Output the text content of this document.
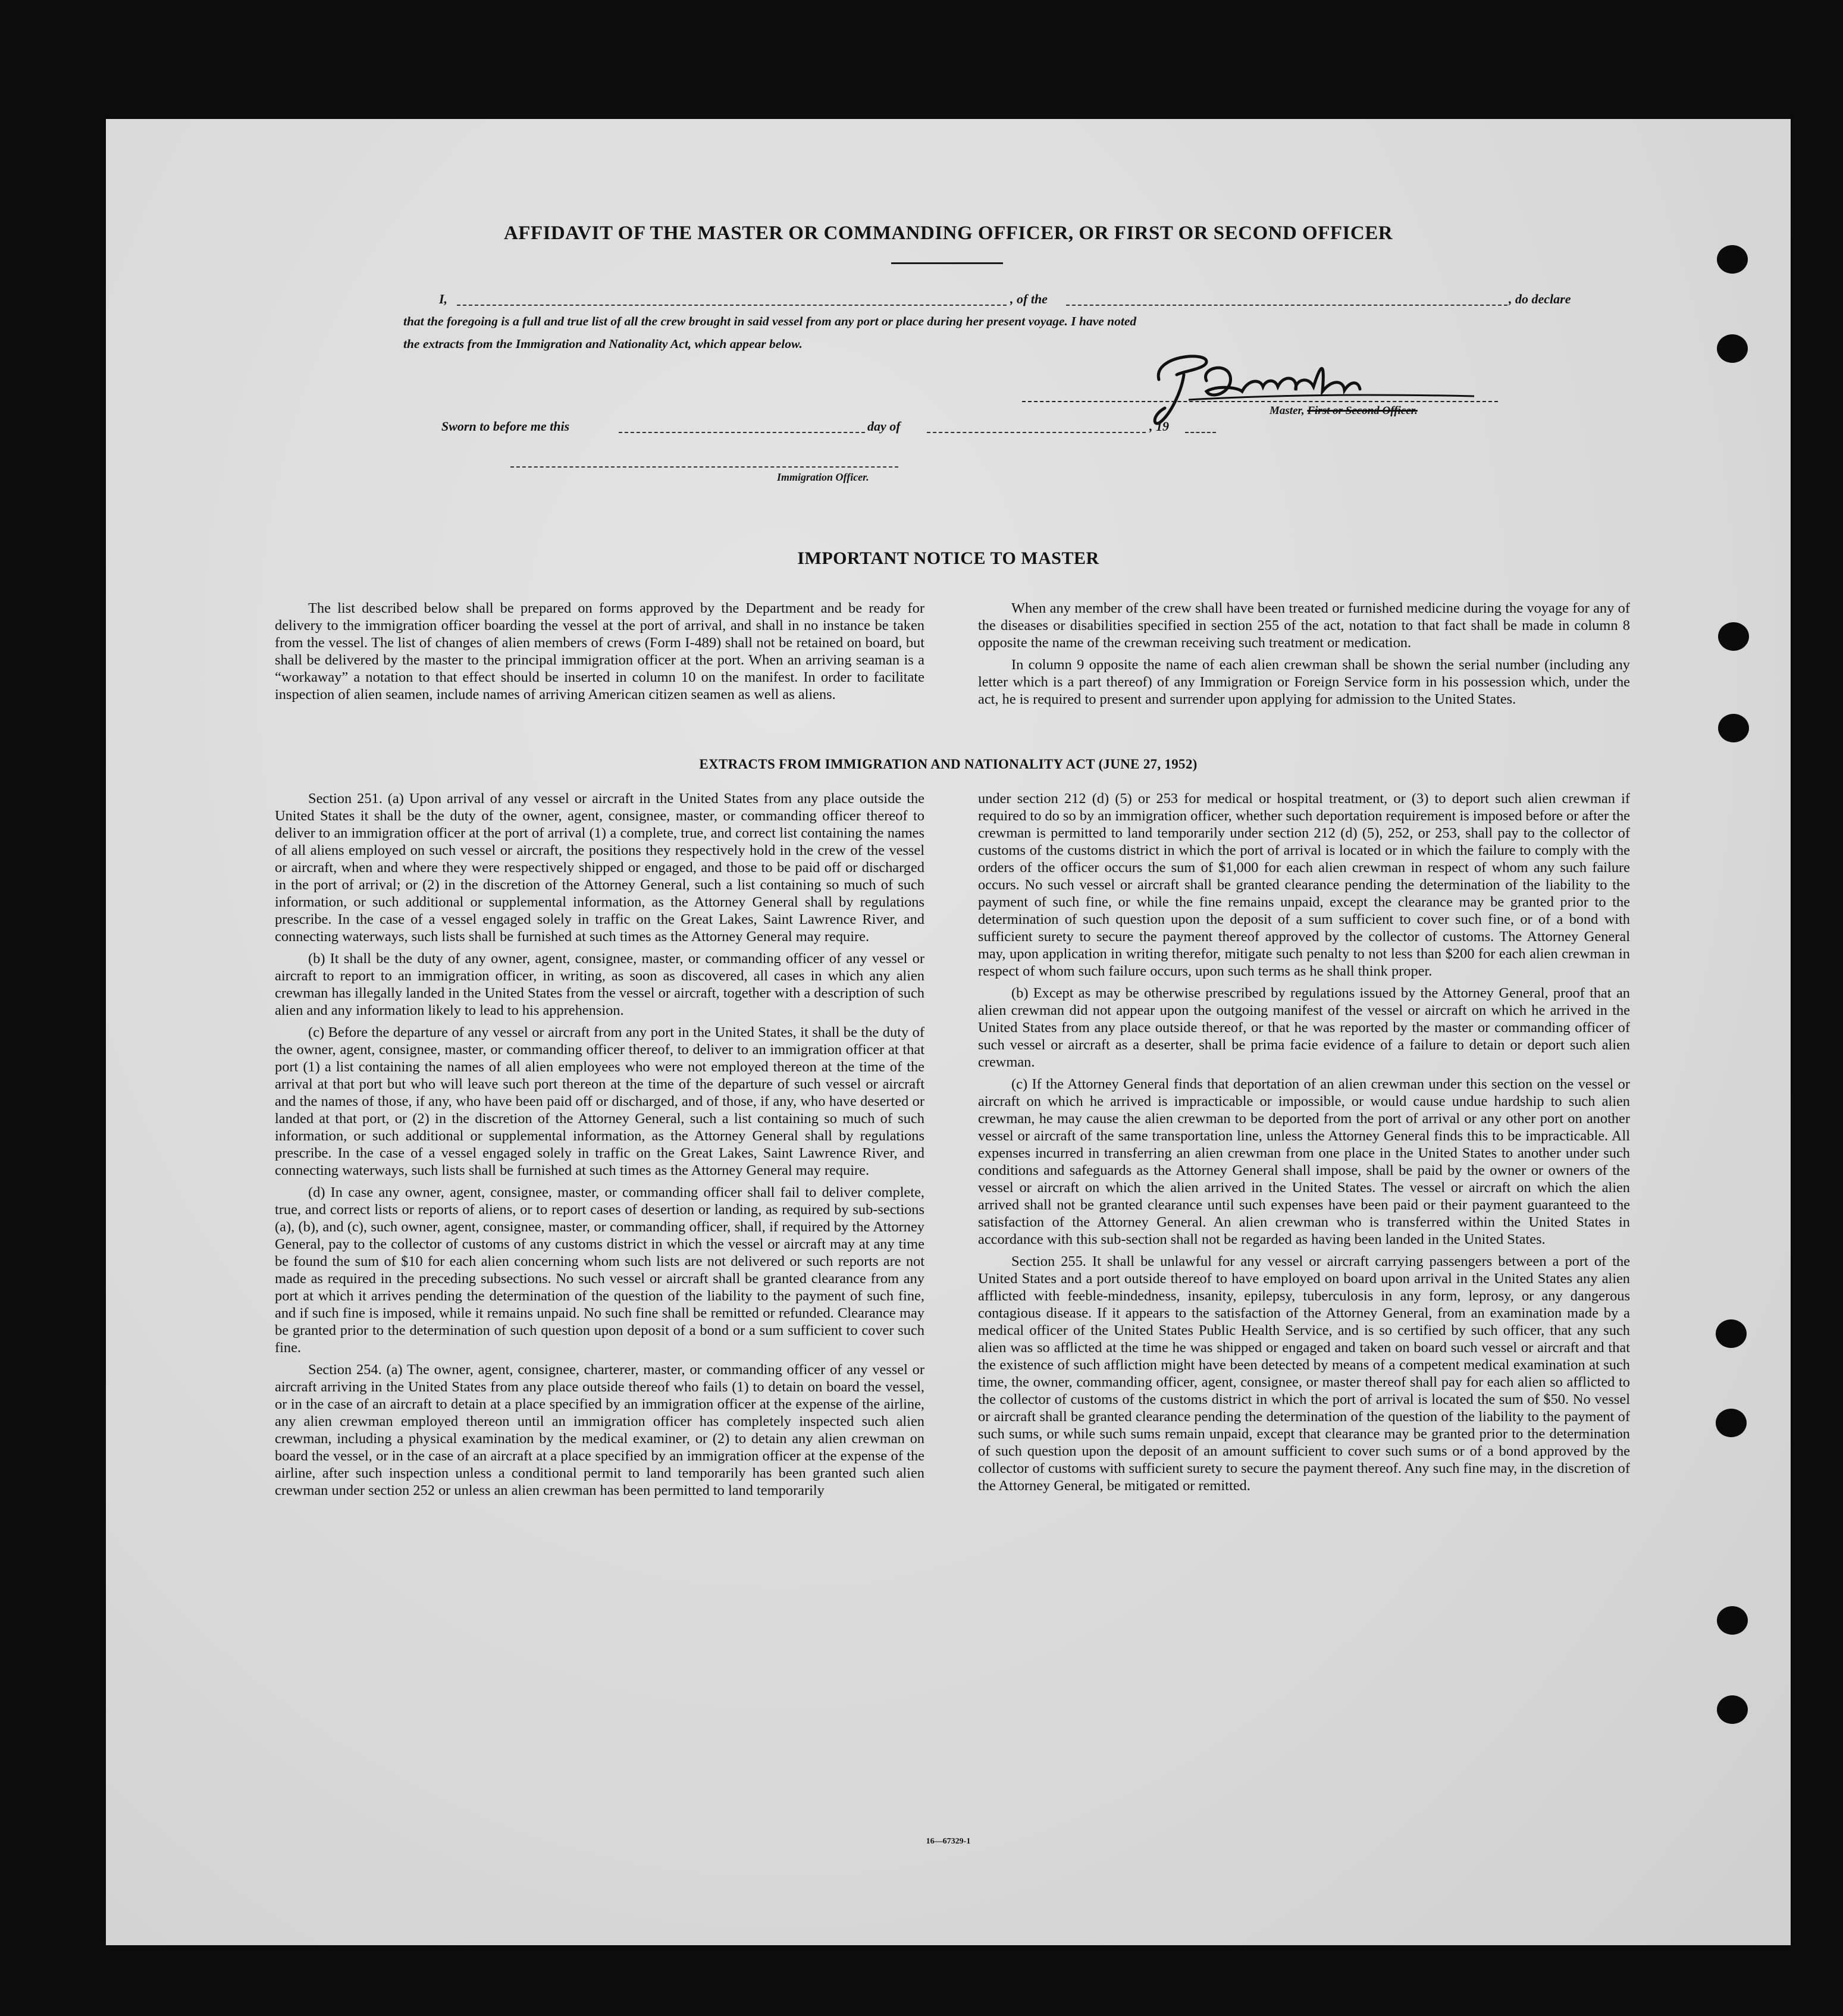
AFFIDAVIT OF THE MASTER OR COMMANDING OFFICER, OR FIRST OR SECOND OFFICER
I,	, of the	, do declare
that the foregoing is a full and true list of all the crew brought in said vessel from any port or place during her present voyage. I have noted
the extracts from the Immigration and Nationality Act, which appear below.
Master, First or Second Officer.
Sworn to before me this	day of	, 19
Immigration Officer.
IMPORTANT NOTICE TO MASTER

The list described below shall be prepared on forms approved by the Department and be ready for delivery to the immigration officer boarding the vessel at the port of arrival, and shall in no instance be taken from the vessel. The list of changes of alien members of crews (Form I-489) shall not be retained on board, but shall be delivered by the master to the principal immigration officer at the port. When an arriving seaman is a “workaway” a notation to that effect should be inserted in column 10 on the manifest. In order to facilitate inspection of alien seamen, include names of arriving American citizen seamen as well as aliens.

When any member of the crew shall have been treated or furnished medicine during the voyage for any of the diseases or disabilities specified in section 255 of the act, notation to that fact shall be made in column 8 opposite the name of the crewman receiving such treatment or medication.

In column 9 opposite the name of each alien crewman shall be shown the serial number (including any letter which is a part thereof) of any Immigration or Foreign Service form in his possession which, under the act, he is required to present and surrender upon applying for admission to the United States.

EXTRACTS FROM IMMIGRATION AND NATIONALITY ACT (JUNE 27, 1952)

Section 251. (a) Upon arrival of any vessel or aircraft in the United States from any place outside the United States it shall be the duty of the owner, agent, consignee, master, or commanding officer thereof to deliver to an immigration officer at the port of arrival (1) a complete, true, and correct list containing the names of all aliens employed on such vessel or aircraft, the positions they respectively hold in the crew of the vessel or aircraft, when and where they were respectively shipped or engaged, and those to be paid off or discharged in the port of arrival; or (2) in the discretion of the Attorney General, such a list containing so much of such information, or such additional or supplemental information, as the Attorney General shall by regulations prescribe. In the case of a vessel engaged solely in traffic on the Great Lakes, Saint Lawrence River, and connecting waterways, such lists shall be furnished at such times as the Attorney General may require.

(b) It shall be the duty of any owner, agent, consignee, master, or commanding officer of any vessel or aircraft to report to an immigration officer, in writing, as soon as discovered, all cases in which any alien crewman has illegally landed in the United States from the vessel or aircraft, together with a description of such alien and any information likely to lead to his apprehension.

(c) Before the departure of any vessel or aircraft from any port in the United States, it shall be the duty of the owner, agent, consignee, master, or commanding officer thereof, to deliver to an immigration officer at that port (1) a list containing the names of all alien employees who were not employed thereon at the time of the arrival at that port but who will leave such port thereon at the time of the departure of such vessel or aircraft and the names of those, if any, who have been paid off or discharged, and of those, if any, who have deserted or landed at that port, or (2) in the discretion of the Attorney General, such a list containing so much of such information, or such additional or supplemental information, as the Attorney General shall by regulations prescribe. In the case of a vessel engaged solely in traffic on the Great Lakes, Saint Lawrence River, and connecting waterways, such lists shall be furnished at such times as the Attorney General may require.

(d) In case any owner, agent, consignee, master, or commanding officer shall fail to deliver complete, true, and correct lists or reports of aliens, or to report cases of desertion or landing, as required by sub-sections (a), (b), and (c), such owner, agent, consignee, master, or commanding officer, shall, if required by the Attorney General, pay to the collector of customs of any customs district in which the vessel or aircraft may at any time be found the sum of $10 for each alien concerning whom such lists are not delivered or such reports are not made as required in the preceding subsections. No such vessel or aircraft shall be granted clearance from any port at which it arrives pending the determination of the question of the liability to the payment of such fine, and if such fine is imposed, while it remains unpaid. No such fine shall be remitted or refunded. Clearance may be granted prior to the determination of such question upon deposit of a bond or a sum sufficient to cover such fine.

Section 254. (a) The owner, agent, consignee, charterer, master, or commanding officer of any vessel or aircraft arriving in the United States from any place outside thereof who fails (1) to detain on board the vessel, or in the case of an aircraft to detain at a place specified by an immigration officer at the expense of the airline, any alien crewman employed thereon until an immigration officer has completely inspected such alien crewman, including a physical examination by the medical examiner, or (2) to detain any alien crewman on board the vessel, or in the case of an aircraft at a place specified by an immigration officer at the expense of the airline, after such inspection unless a conditional permit to land temporarily has been granted such alien crewman under section 252 or unless an alien crewman has been permitted to land temporarily

under section 212 (d) (5) or 253 for medical or hospital treatment, or (3) to deport such alien crewman if required to do so by an immigration officer, whether such deportation requirement is imposed before or after the crewman is permitted to land temporarily under section 212 (d) (5), 252, or 253, shall pay to the collector of customs of the customs district in which the port of arrival is located or in which the failure to comply with the orders of the officer occurs the sum of $1,000 for each alien crewman in respect of whom any such failure occurs. No such vessel or aircraft shall be granted clearance pending the determination of the liability to the payment of such fine, or while the fine remains unpaid, except the clearance may be granted prior to the determination of such question upon the deposit of a sum sufficient to cover such fine, or of a bond with sufficient surety to secure the payment thereof approved by the collector of customs. The Attorney General may, upon application in writing therefor, mitigate such penalty to not less than $200 for each alien crewman in respect of whom such failure occurs, upon such terms as he shall think proper.

(b) Except as may be otherwise prescribed by regulations issued by the Attorney General, proof that an alien crewman did not appear upon the outgoing manifest of the vessel or aircraft on which he arrived in the United States from any place outside thereof, or that he was reported by the master or commanding officer of such vessel or aircraft as a deserter, shall be prima facie evidence of a failure to detain or deport such alien crewman.

(c) If the Attorney General finds that deportation of an alien crewman under this section on the vessel or aircraft on which he arrived is impracticable or impossible, or would cause undue hardship to such alien crewman, he may cause the alien crewman to be deported from the port of arrival or any other port on another vessel or aircraft of the same transportation line, unless the Attorney General finds this to be impracticable. All expenses incurred in transferring an alien crewman from one place in the United States to another under such conditions and safeguards as the Attorney General shall impose, shall be paid by the owner or owners of the vessel or aircraft on which the alien arrived in the United States. The vessel or aircraft on which the alien arrived shall not be granted clearance until such expenses have been paid or their payment guaranteed to the satisfaction of the Attorney General. An alien crewman who is transferred within the United States in accordance with this sub-section shall not be regarded as having been landed in the United States.

Section 255. It shall be unlawful for any vessel or aircraft carrying passengers between a port of the United States and a port outside thereof to have employed on board upon arrival in the United States any alien afflicted with feeble-mindedness, insanity, epilepsy, tuberculosis in any form, leprosy, or any dangerous contagious disease. If it appears to the satisfaction of the Attorney General, from an examination made by a medical officer of the United States Public Health Service, and is so certified by such officer, that any such alien was so afflicted at the time he was shipped or engaged and taken on board such vessel or aircraft and that the existence of such affliction might have been detected by means of a competent medical examination at such time, the owner, commanding officer, agent, consignee, or master thereof shall pay for each alien so afflicted to the collector of customs of the customs district in which the port of arrival is located the sum of $50. No vessel or aircraft shall be granted clearance pending the determination of the question of the liability to the payment of such sums, or while such sums remain unpaid, except that clearance may be granted prior to the determination of such question upon the deposit of an amount sufficient to cover such sums or of a bond approved by the collector of customs with sufficient surety to secure the payment thereof. Any such fine may, in the discretion of the Attorney General, be mitigated or remitted.

16—67329-1
